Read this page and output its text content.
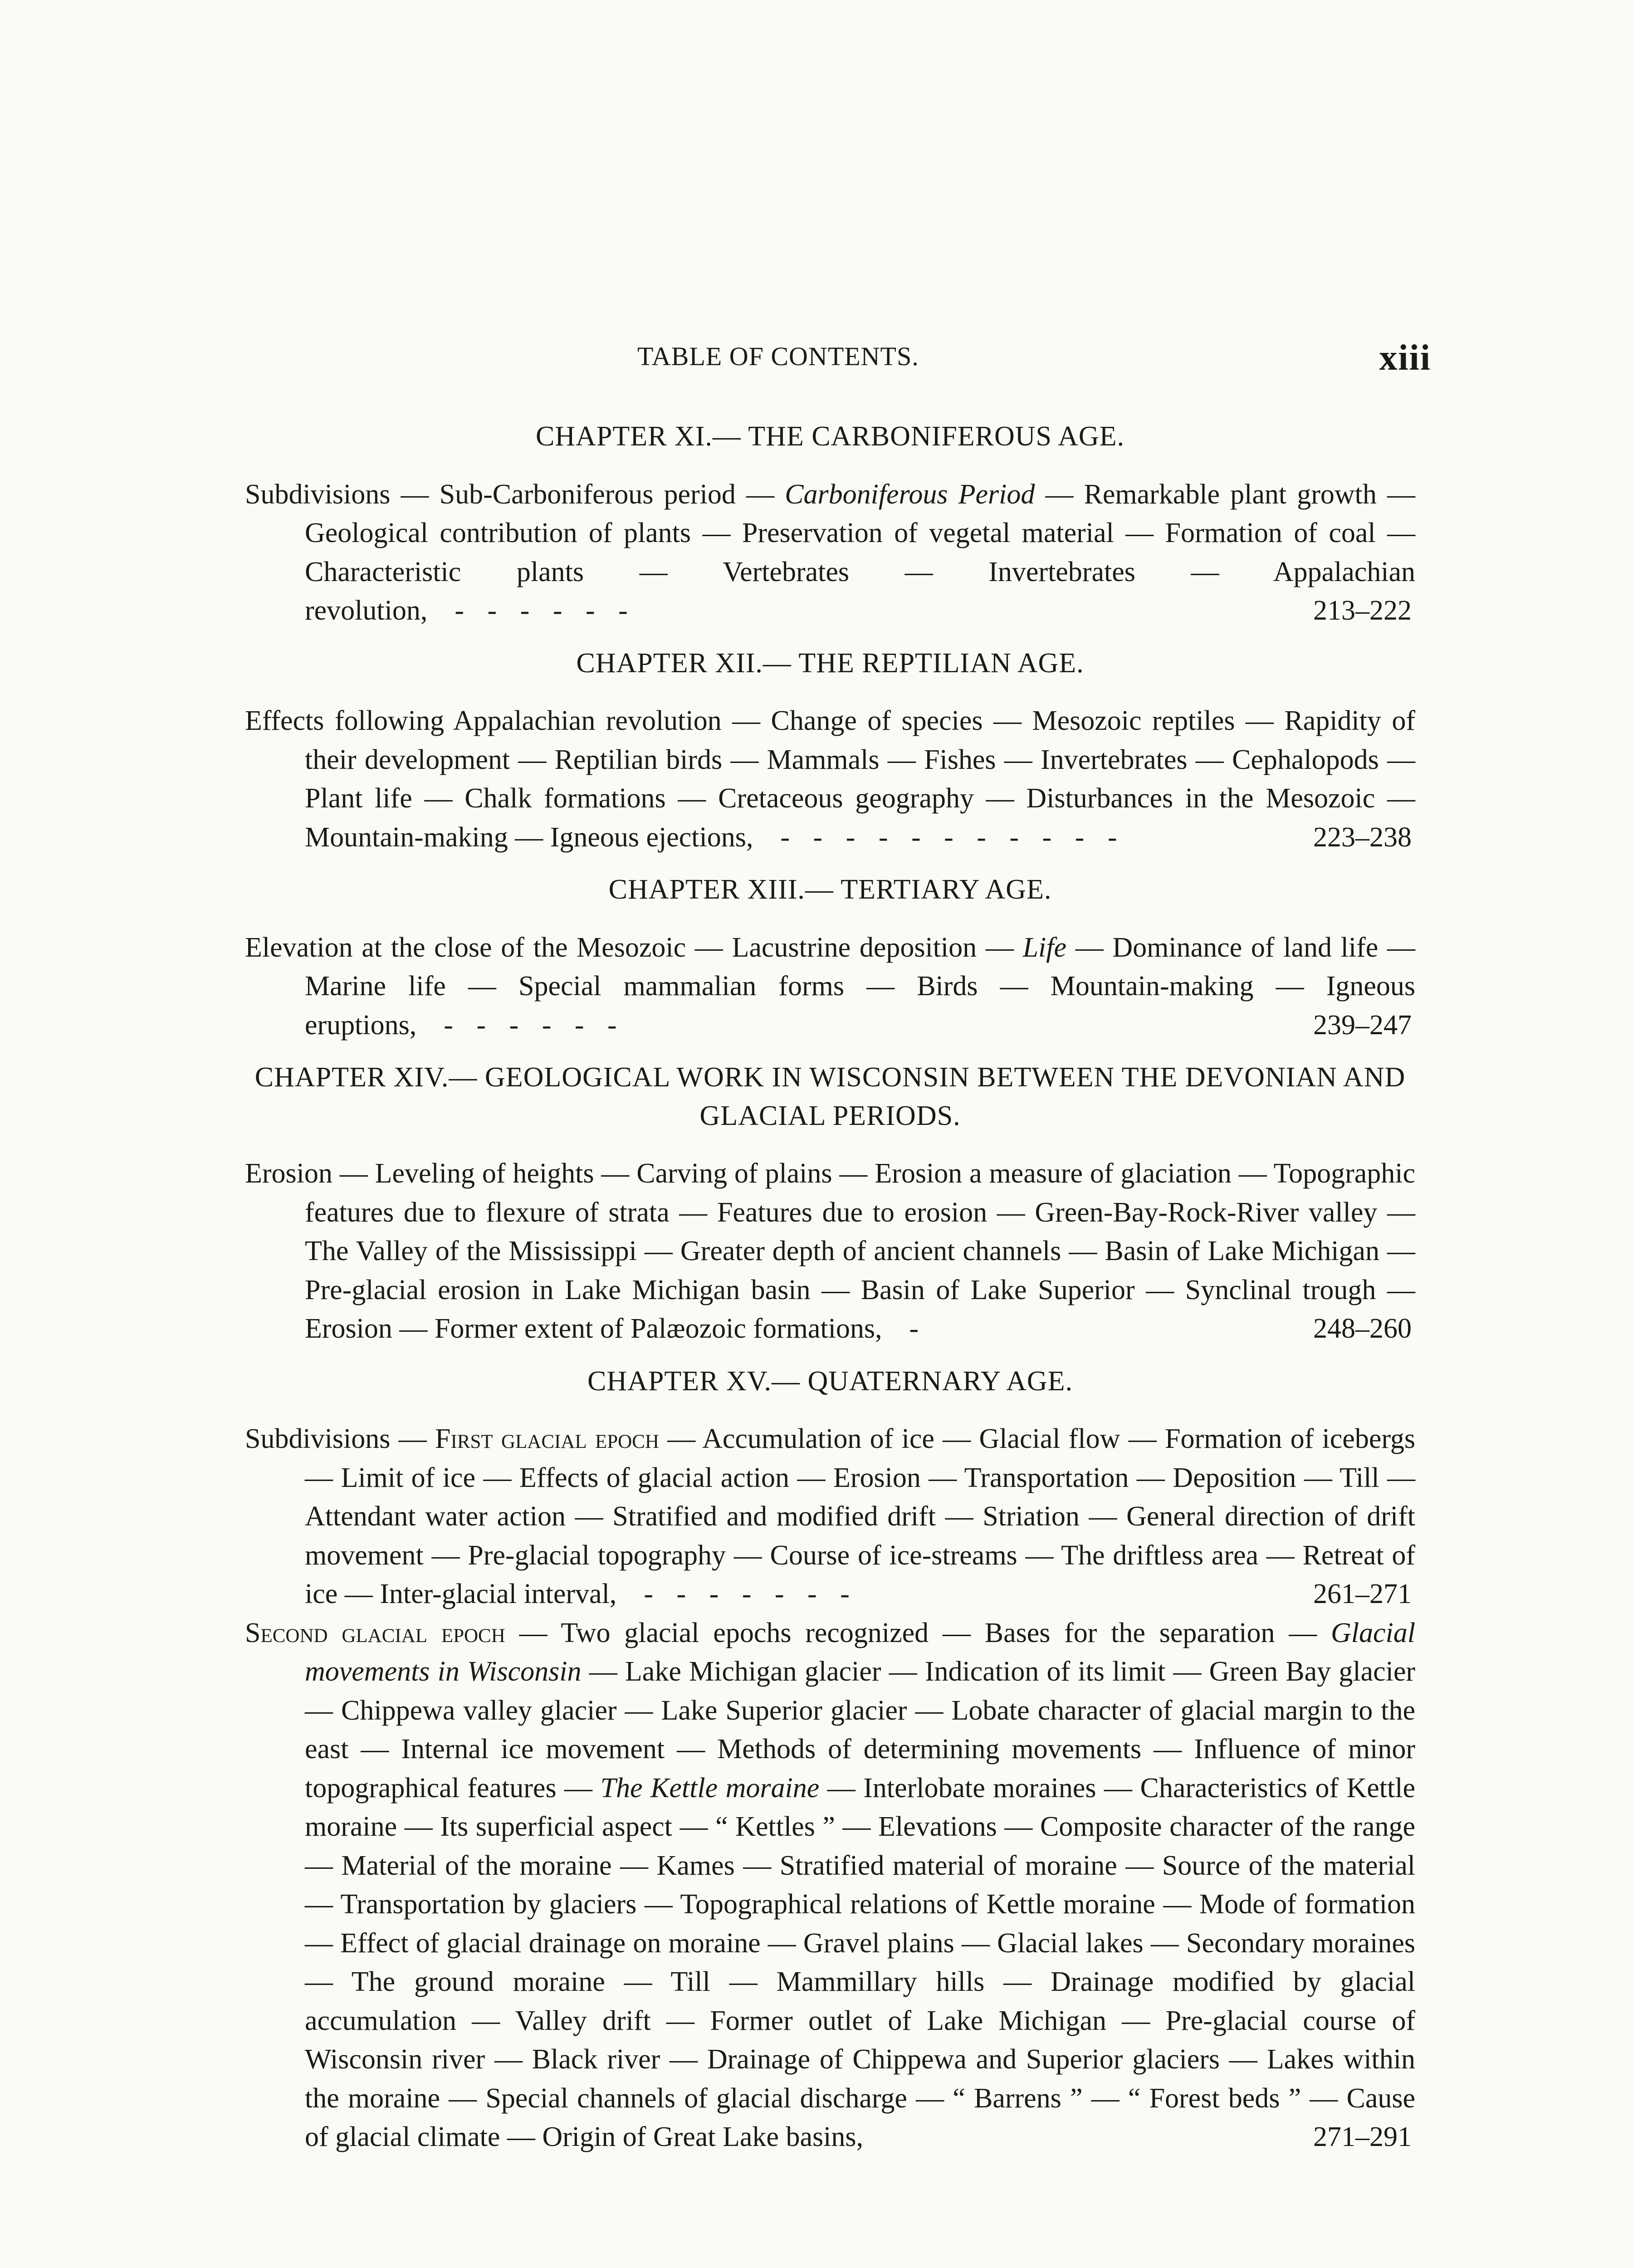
TABLE OF CONTENTS.	xiii
CHAPTER XI.— THE CARBONIFEROUS AGE.
Subdivisions — Sub-Carboniferous period — Carboniferous Period — Remarkable plant growth — Geological contribution of plants — Preservation of vegetal material — Formation of coal — Characteristic plants — Vertebrates — Invertebrates — Appalachian revolution, - - - - - -	213–222
CHAPTER XII.— THE REPTILIAN AGE.
Effects following Appalachian revolution — Change of species — Mesozoic reptiles — Rapidity of their development — Reptilian birds — Mammals — Fishes — Invertebrates — Cephalopods — Plant life — Chalk formations — Cretaceous geography — Disturbances in the Mesozoic — Mountain-making — Igneous ejections, - - - - - - - - - - -	223–238
CHAPTER XIII.— TERTIARY AGE.
Elevation at the close of the Mesozoic — Lacustrine deposition — Life — Dominance of land life — Marine life — Special mammalian forms — Birds — Mountain-making — Igneous eruptions, - - - - - -	239–247
CHAPTER XIV.— GEOLOGICAL WORK IN WISCONSIN BETWEEN THE DEVONIAN AND GLACIAL PERIODS.
Erosion — Leveling of heights — Carving of plains — Erosion a measure of glaciation — Topographic features due to flexure of strata — Features due to erosion — Green-Bay-Rock-River valley — The Valley of the Mississippi — Greater depth of ancient channels — Basin of Lake Michigan — Pre-glacial erosion in Lake Michigan basin — Basin of Lake Superior — Synclinal trough — Erosion — Former extent of Palæozoic formations, -	248–260
CHAPTER XV.— QUATERNARY AGE.
Subdivisions — First glacial epoch — Accumulation of ice — Glacial flow — Formation of icebergs — Limit of ice — Effects of glacial action — Erosion — Transportation — Deposition — Till — Attendant water action — Stratified and modified drift — Striation — General direction of drift movement — Pre-glacial topography — Course of ice-streams — The driftless area — Retreat of ice — Inter-glacial interval, - - - - - - -	261–271
Second glacial epoch — Two glacial epochs recognized — Bases for the separation — Glacial movements in Wisconsin — Lake Michigan glacier — Indication of its limit — Green Bay glacier — Chippewa valley glacier — Lake Superior glacier — Lobate character of glacial margin to the east — Internal ice movement — Methods of determining movements — Influence of minor topographical features — The Kettle moraine — Interlobate moraines — Characteristics of Kettle moraine — Its superficial aspect — “ Kettles ” — Elevations — Composite character of the range — Material of the moraine — Kames — Stratified material of moraine — Source of the material — Transportation by glaciers — Topographical relations of Kettle moraine — Mode of formation — Effect of glacial drainage on moraine — Gravel plains — Glacial lakes — Secondary moraines — The ground moraine — Till — Mammillary hills — Drainage modified by glacial accumulation — Valley drift — Former outlet of Lake Michigan — Pre-glacial course of Wisconsin river — Black river — Drainage of Chippewa and Superior glaciers — Lakes within the moraine — Special channels of glacial discharge — “ Barrens ” — “ Forest beds ” — Cause of glacial climate — Origin of Great Lake basins,	271–291
